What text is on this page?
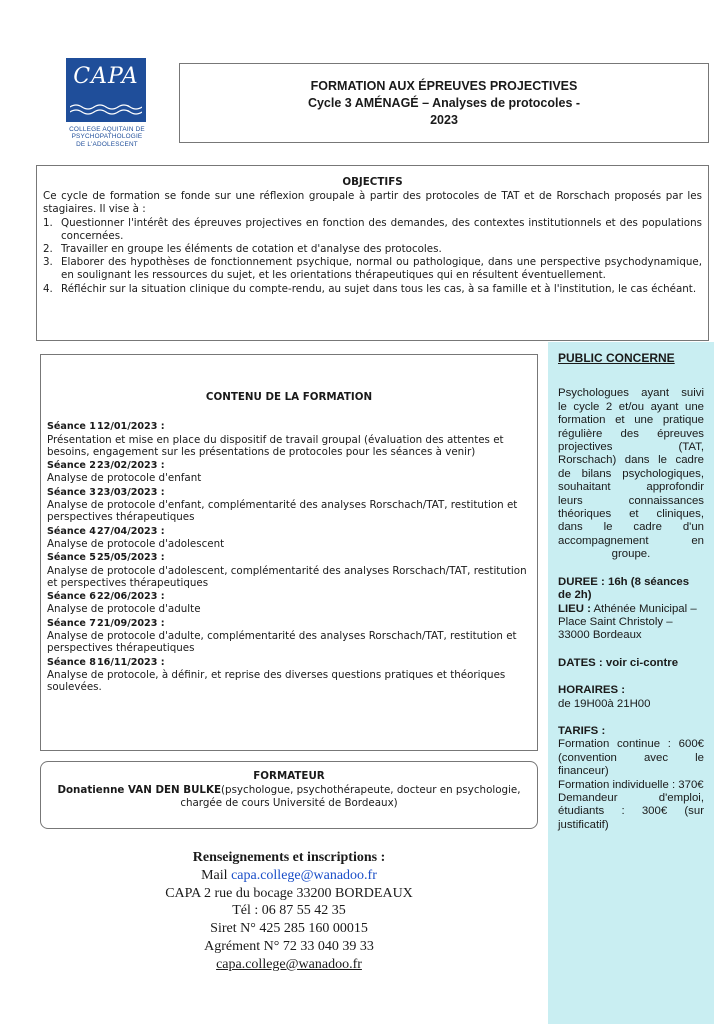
CAPA
COLLEGE AQUITAIN DE
PSYCHOPATHOLOGIE
DE L'ADOLESCENT
FORMATION AUX ÉPREUVES PROJECTIVES
Cycle 3 AMÉNAGÉ – Analyses de protocoles -
2023
OBJECTIFS
Ce cycle de formation se fonde sur une réflexion groupale à partir des protocoles de TAT et de Rorschach proposés par les stagiaires. Il vise à :
1. Questionner l'intérêt des épreuves projectives en fonction des demandes, des contextes institutionnels et des populations concernées.
2. Travailler en groupe les éléments de cotation et d'analyse des protocoles.
3. Elaborer des hypothèses de fonctionnement psychique, normal ou pathologique, dans une perspective psychodynamique, en soulignant les ressources du sujet, et les orientations thérapeutiques qui en résultent éventuellement.
4. Réfléchir sur la situation clinique du compte-rendu, au sujet dans tous les cas, à sa famille et à l'institution, le cas échéant.
CONTENU DE LA FORMATION
Séance 112/01/2023 :
Présentation et mise en place du dispositif de travail groupal (évaluation des attentes et besoins, engagement sur les présentations de protocoles pour les séances à venir)
Séance 223/02/2023 :
Analyse de protocole d'enfant
Séance 323/03/2023 :
Analyse de protocole d'enfant, complémentarité des analyses Rorschach/TAT, restitution et perspectives thérapeutiques
Séance 427/04/2023 :
Analyse de protocole d'adolescent
Séance 525/05/2023 :
Analyse de protocole d'adolescent, complémentarité des analyses Rorschach/TAT, restitution et perspectives thérapeutiques
Séance 622/06/2023 :
Analyse de protocole d'adulte
Séance 721/09/2023 :
Analyse de protocole d'adulte, complémentarité des analyses Rorschach/TAT, restitution et perspectives thérapeutiques
Séance 816/11/2023 :
Analyse de protocole, à définir, et reprise des diverses questions pratiques et théoriques soulevées.
FORMATEUR
Donatienne VAN DEN BULKE(psychologue, psychothérapeute, docteur en psychologie,
chargée de cours Université de Bordeaux)
Renseignements et inscriptions :
Mail capa.college@wanadoo.fr
CAPA 2 rue du bocage 33200 BORDEAUX
Tél : 06 87 55 42 35
Siret N° 425 285 160 00015
Agrément N° 72 33 040 39 33
capa.college@wanadoo.fr
PUBLIC CONCERNE
Psychologues ayant suivi
le cycle 2 et/ou ayant une
formation et une pratique
régulière des épreuves
projectives (TAT,
Rorschach) dans le cadre
de bilans psychologiques,
souhaitant approfondir
leurs connaissances
théoriques et cliniques,
dans le cadre d'un
accompagnement en
groupe.
DUREE : 16h (8 séances de 2h)
LIEU : Athénée Municipal – Place Saint Christoly – 33000 Bordeaux
DATES : voir ci-contre
HORAIRES :
de 19H00à 21H00
TARIFS :
Formation continue : 600€ (convention avec le financeur)
Formation individuelle : 370€
Demandeur d'emploi, étudiants : 300€ (sur justificatif)
